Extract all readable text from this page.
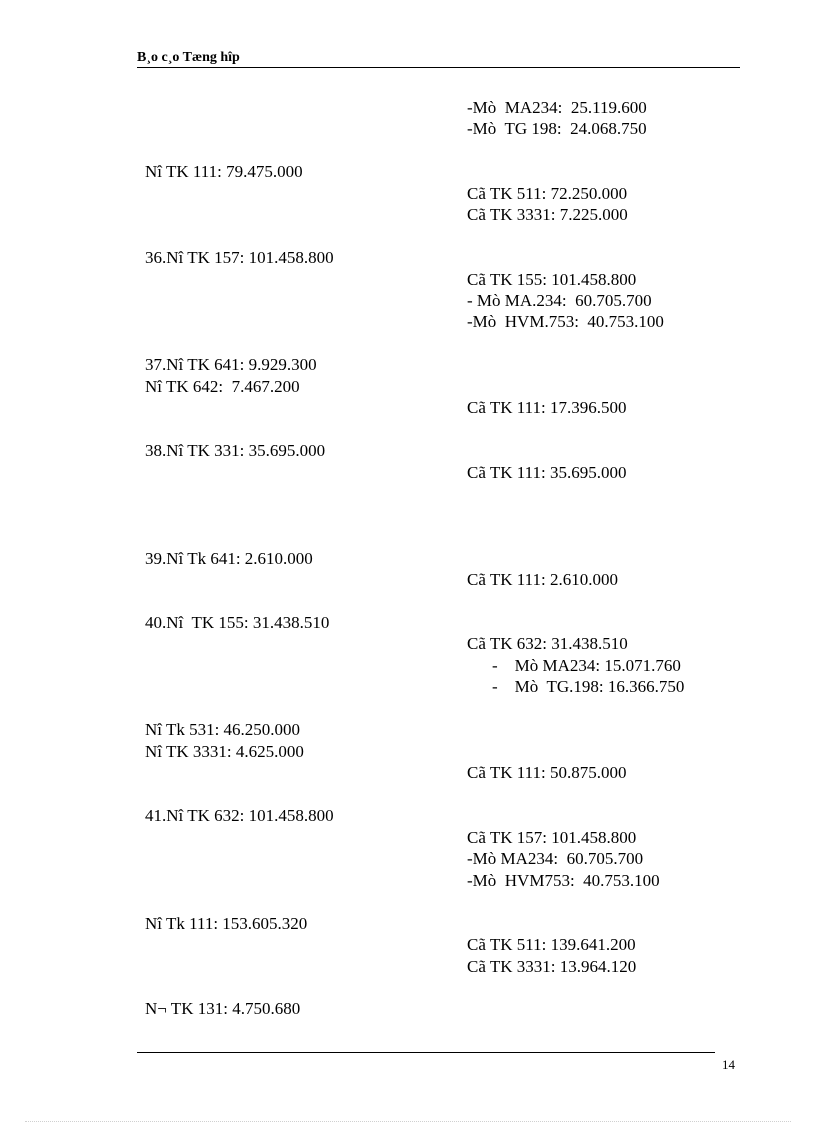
B¸o c¸o Tæng hîp
-Mò  MA234:  25.119.600
-Mò  TG 198:  24.068.750
Nî TK 111: 79.475.000
Cã TK 511: 72.250.000
Cã TK 3331: 7.225.000
36.Nî TK 157: 101.458.800
Cã TK 155: 101.458.800
- Mò MA.234:  60.705.700
-Mò  HVM.753:  40.753.100
37.Nî TK 641: 9.929.300
Nî TK 642:  7.467.200
Cã TK 111: 17.396.500
38.Nî TK 331: 35.695.000
Cã TK 111: 35.695.000
39.Nî Tk 641: 2.610.000
Cã TK 111: 2.610.000
40.Nî  TK 155: 31.438.510
Cã TK 632: 31.438.510
-    Mò MA234: 15.071.760
-    Mò  TG.198: 16.366.750
Nî Tk 531: 46.250.000
Nî TK 3331: 4.625.000
Cã TK 111: 50.875.000
41.Nî TK 632: 101.458.800
Cã TK 157: 101.458.800
-Mò MA234:  60.705.700
-Mò  HVM753:  40.753.100
Nî Tk 111: 153.605.320
Cã TK 511: 139.641.200
Cã TK 3331: 13.964.120
N¬ TK 131: 4.750.680
14
